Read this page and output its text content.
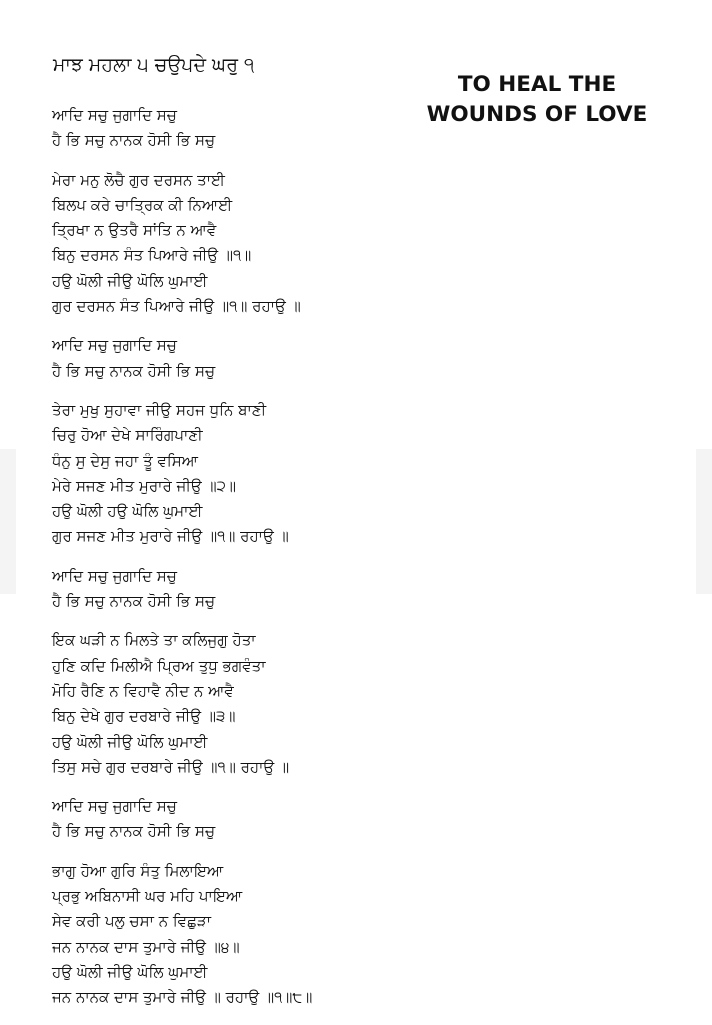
ਮਾਝ ਮਹਲਾ ੫ ਚਉਪਦੇ ਘਰੁ ੧
TO HEAL THE
WOUNDS OF LOVE
ਆਦਿ ਸਚੁ ਜੁਗਾਦਿ ਸਚੁ
ਹੈ ਭਿ ਸਚੁ ਨਾਨਕ ਹੋਸੀ ਭਿ ਸਚੁ
ਮੇਰਾ ਮਨੁ ਲੋਚੈ ਗੁਰ ਦਰਸਨ ਤਾਈ
ਬਿਲਪ ਕਰੇ ਚਾਤ੍ਰਿਕ ਕੀ ਨਿਆਈ
ਤ੍ਰਿਖਾ ਨ ਉਤਰੈ ਸਾਂਤਿ ਨ ਆਵੈ
ਬਿਨੁ ਦਰਸਨ ਸੰਤ ਪਿਆਰੇ ਜੀਉ ॥੧॥
ਹਉ ਘੋਲੀ ਜੀਉ ਘੋਲਿ ਘੁਮਾਈ
ਗੁਰ ਦਰਸਨ ਸੰਤ ਪਿਆਰੇ ਜੀਉ ॥੧॥ ਰਹਾਉ ॥
ਆਦਿ ਸਚੁ ਜੁਗਾਦਿ ਸਚੁ
ਹੈ ਭਿ ਸਚੁ ਨਾਨਕ ਹੋਸੀ ਭਿ ਸਚੁ
ਤੇਰਾ ਮੁਖੁ ਸੁਹਾਵਾ ਜੀਉ ਸਹਜ ਧੁਨਿ ਬਾਣੀ
ਚਿਰੁ ਹੋਆ ਦੇਖੇ ਸਾਰਿੰਗਪਾਣੀ
ਧੰਨੁ ਸੁ ਦੇਸੁ ਜਹਾ ਤੂੰ ਵਸਿਆ
ਮੇਰੇ ਸਜਣ ਮੀਤ ਮੁਰਾਰੇ ਜੀਉ ॥੨॥
ਹਉ ਘੋਲੀ ਹਉ ਘੋਲਿ ਘੁਮਾਈ
ਗੁਰ ਸਜਣ ਮੀਤ ਮੁਰਾਰੇ ਜੀਉ ॥੧॥ ਰਹਾਉ ॥
ਆਦਿ ਸਚੁ ਜੁਗਾਦਿ ਸਚੁ
ਹੈ ਭਿ ਸਚੁ ਨਾਨਕ ਹੋਸੀ ਭਿ ਸਚੁ
ਇਕ ਘੜੀ ਨ ਮਿਲਤੇ ਤਾ ਕਲਿਜੁਗੁ ਹੋਤਾ
ਹੁਣਿ ਕਦਿ ਮਿਲੀਐ ਪ੍ਰਿਅ ਤੁਧੁ ਭਗਵੰਤਾ
ਮੋਹਿ ਰੈਣਿ ਨ ਵਿਹਾਵੈ ਨੀਦ ਨ ਆਵੈ
ਬਿਨੁ ਦੇਖੇ ਗੁਰ ਦਰਬਾਰੇ ਜੀਉ ॥੩॥
ਹਉ ਘੋਲੀ ਜੀਉ ਘੋਲਿ ਘੁਮਾਈ
ਤਿਸੁ ਸਚੇ ਗੁਰ ਦਰਬਾਰੇ ਜੀਉ ॥੧॥ ਰਹਾਉ ॥
ਆਦਿ ਸਚੁ ਜੁਗਾਦਿ ਸਚੁ
ਹੈ ਭਿ ਸਚੁ ਨਾਨਕ ਹੋਸੀ ਭਿ ਸਚੁ
ਭਾਗੁ ਹੋਆ ਗੁਰਿ ਸੰਤੁ ਮਿਲਾਇਆ
ਪ੍ਰਭੁ ਅਬਿਨਾਸੀ ਘਰ ਮਹਿ ਪਾਇਆ
ਸੇਵ ਕਰੀ ਪਲੁ ਚਸਾ ਨ ਵਿਛੁੜਾ
ਜਨ ਨਾਨਕ ਦਾਸ ਤੁਮਾਰੇ ਜੀਉ ॥੪॥
ਹਉ ਘੋਲੀ ਜੀਉ ਘੋਲਿ ਘੁਮਾਈ
ਜਨ ਨਾਨਕ ਦਾਸ ਤੁਮਾਰੇ ਜੀਉ ॥ ਰਹਾਉ ॥੧॥੮॥
